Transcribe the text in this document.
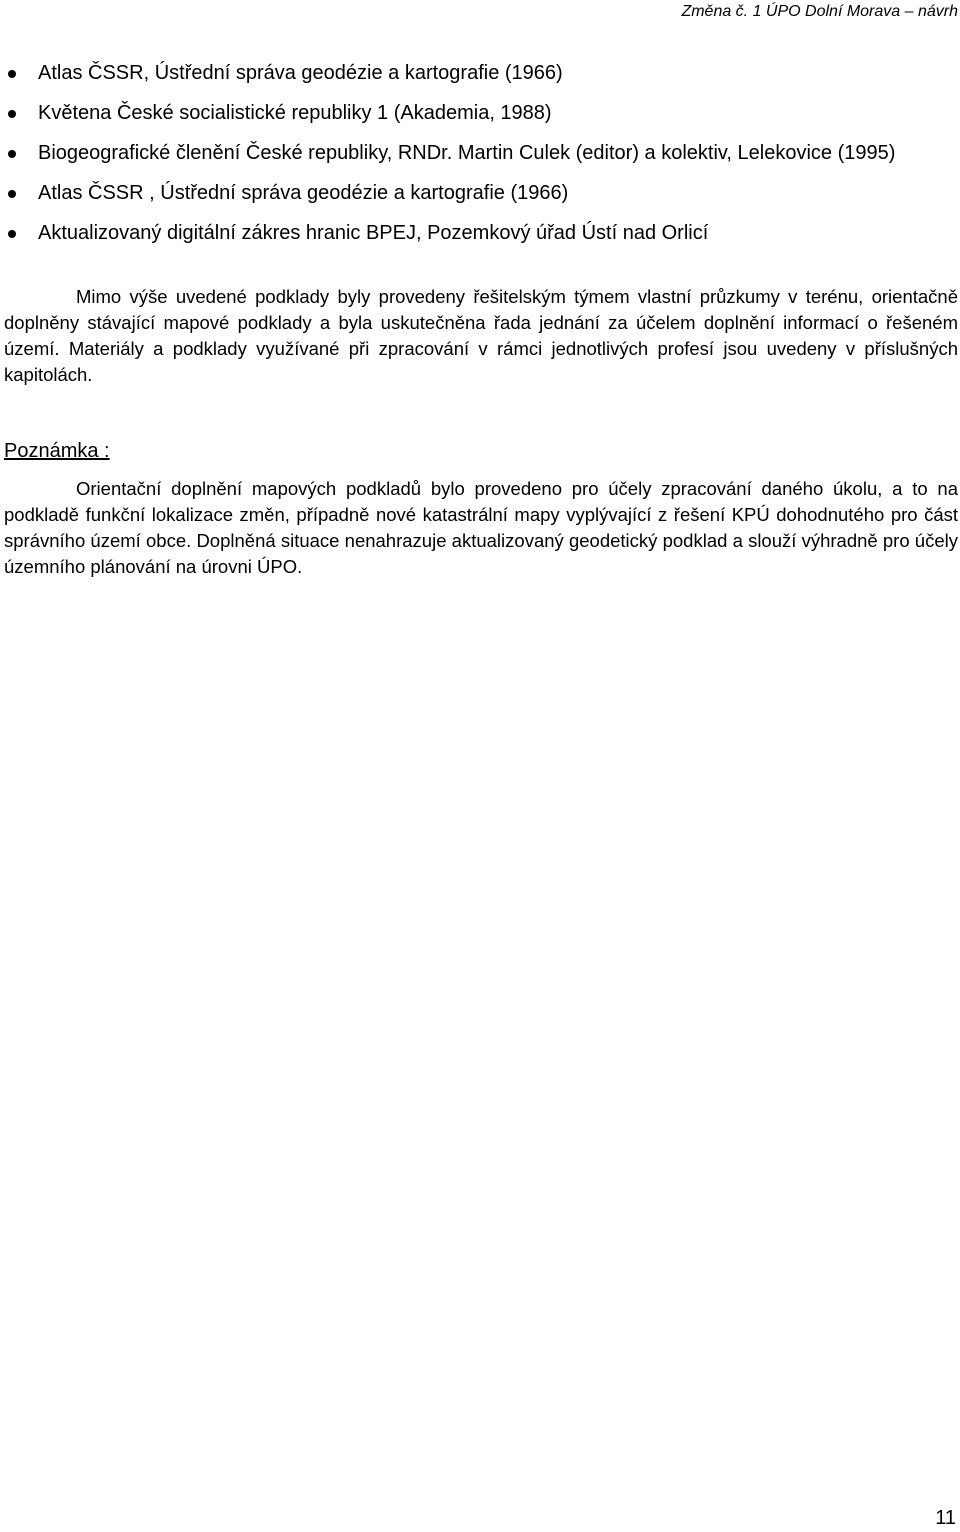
Změna č. 1 ÚPO Dolní Morava – návrh
Atlas ČSSR, Ústřední správa geodézie a kartografie (1966)
Květena České socialistické republiky 1 (Akademia, 1988)
Biogeografické členění České republiky, RNDr. Martin Culek (editor) a kolektiv, Lelekovice (1995)
Atlas ČSSR , Ústřední správa geodézie a kartografie (1966)
Aktualizovaný digitální zákres hranic BPEJ, Pozemkový úřad Ústí nad Orlicí

Mimo výše uvedené podklady byly provedeny řešitelským týmem vlastní průzkumy v terénu, orientačně doplněny stávající mapové podklady a byla uskutečněna řada jednání za účelem doplnění informací o řešeném území. Materiály a podklady využívané při zpracování v rámci jednotlivých profesí jsou uvedeny v příslušných kapitolách.

Poznámka :

Orientační doplnění mapových podkladů bylo provedeno pro účely zpracování daného úkolu, a to na podkladě funkční lokalizace změn, případně nové katastrální mapy vyplývající z řešení KPÚ dohodnutého pro část správního území obce. Doplněná situace nenahrazuje aktualizovaný geodetický podklad a slouží výhradně pro účely územního plánování na úrovni ÚPO.

11
